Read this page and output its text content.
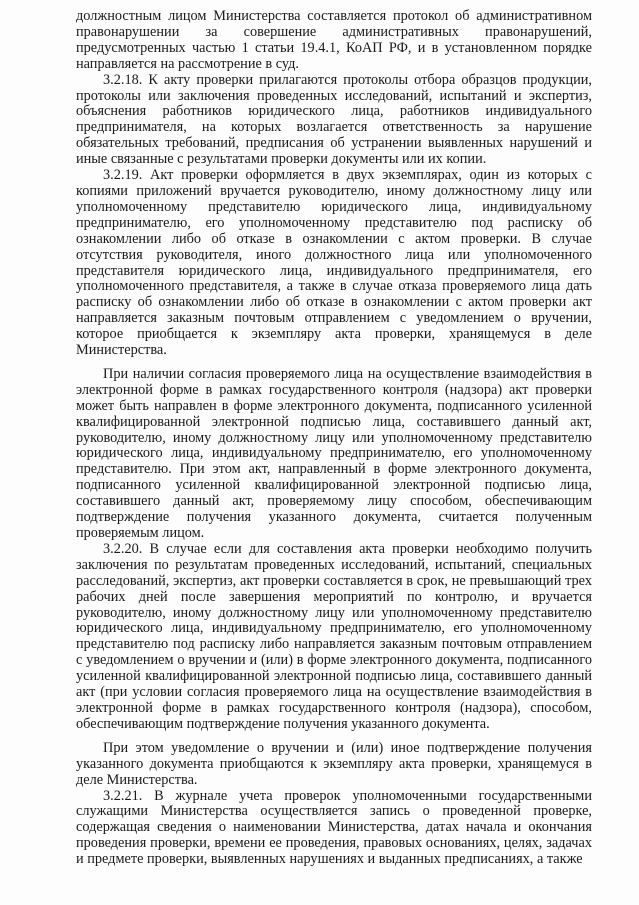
должностным лицом Министерства составляется протокол об административном правонарушении за совершение административных правонарушений, предусмотренных частью 1 статьи 19.4.1, КоАП РФ, и в установленном порядке направляется на рассмотрение в суд.

3.2.18. К акту проверки прилагаются протоколы отбора образцов продукции, протоколы или заключения проведенных исследований, испытаний и экспертиз, объяснения работников юридического лица, работников индивидуального предпринимателя, на которых возлагается ответственность за нарушение обязательных требований, предписания об устранении выявленных нарушений и иные связанные с результатами проверки документы или их копии.

3.2.19. Акт проверки оформляется в двух экземплярах, один из которых с копиями приложений вручается руководителю, иному должностному лицу или уполномоченному представителю юридического лица, индивидуальному предпринимателю, его уполномоченному представителю под расписку об ознакомлении либо об отказе в ознакомлении с актом проверки. В случае отсутствия руководителя, иного должностного лица или уполномоченного представителя юридического лица, индивидуального предпринимателя, его уполномоченного представителя, а также в случае отказа проверяемого лица дать расписку об ознакомлении либо об отказе в ознакомлении с актом проверки акт направляется заказным почтовым отправлением с уведомлением о вручении, которое приобщается к экземпляру акта проверки, хранящемуся в деле Министерства.

При наличии согласия проверяемого лица на осуществление взаимодействия в электронной форме в рамках государственного контроля (надзора) акт проверки может быть направлен в форме электронного документа, подписанного усиленной квалифицированной электронной подписью лица, составившего данный акт, руководителю, иному должностному лицу или уполномоченному представителю юридического лица, индивидуальному предпринимателю, его уполномоченному представителю. При этом акт, направленный в форме электронного документа, подписанного усиленной квалифицированной электронной подписью лица, составившего данный акт, проверяемому лицу способом, обеспечивающим подтверждение получения указанного документа, считается полученным проверяемым лицом.

3.2.20. В случае если для составления акта проверки необходимо получить заключения по результатам проведенных исследований, испытаний, специальных расследований, экспертиз, акт проверки составляется в срок, не превышающий трех рабочих дней после завершения мероприятий по контролю, и вручается руководителю, иному должностному лицу или уполномоченному представителю юридического лица, индивидуальному предпринимателю, его уполномоченному представителю под расписку либо направляется заказным почтовым отправлением с уведомлением о вручении и (или) в форме электронного документа, подписанного усиленной квалифицированной электронной подписью лица, составившего данный акт (при условии согласия проверяемого лица на осуществление взаимодействия в электронной форме в рамках государственного контроля (надзора), способом, обеспечивающим подтверждение получения указанного документа.

При этом уведомление о вручении и (или) иное подтверждение получения указанного документа приобщаются к экземпляру акта проверки, хранящемуся в деле Министерства.

3.2.21. В журнале учета проверок уполномоченными государственными служащими Министерства осуществляется запись о проведенной проверке, содержащая сведения о наименовании Министерства, датах начала и окончания проведения проверки, времени ее проведения, правовых основаниях, целях, задачах и предмете проверки, выявленных нарушениях и выданных предписаниях, а также
